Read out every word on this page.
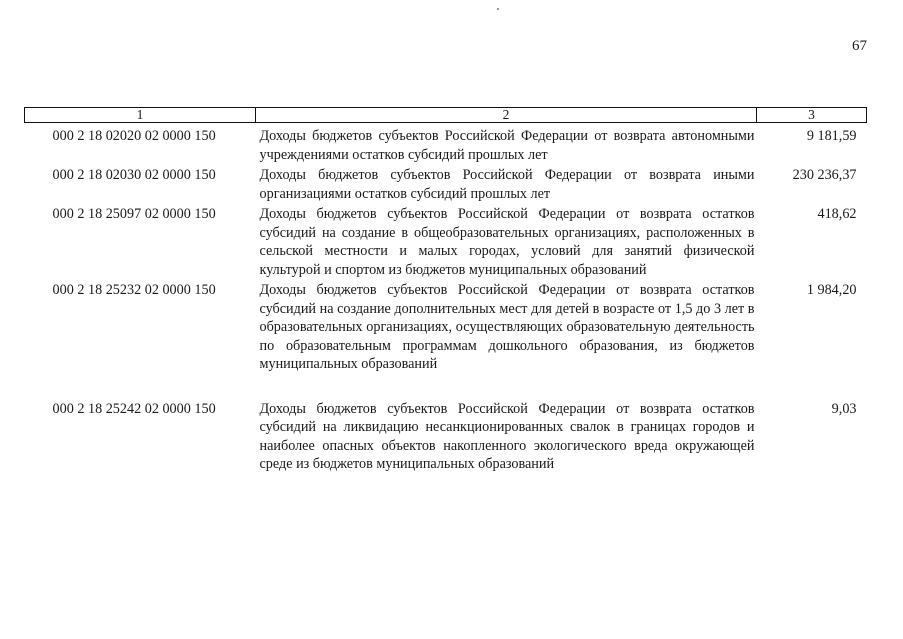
67
1	2	3
000 2 18 02020 02 0000 150	Доходы бюджетов субъектов Российской Федерации от возврата автономными учреждениями остатков субсидий прошлых лет	9 181,59
000 2 18 02030 02 0000 150	Доходы бюджетов субъектов Российской Федерации от возврата иными организациями остатков субсидий прошлых лет	230 236,37
000 2 18 25097 02 0000 150	Доходы бюджетов субъектов Российской Федерации от возврата остатков субсидий на создание в общеобразовательных организациях, расположенных в сельской местности и малых городах, условий для занятий физической культурой и спортом из бюджетов муниципальных образований	418,62
000 2 18 25232 02 0000 150	Доходы бюджетов субъектов Российской Федерации от возврата остатков субсидий на создание дополнительных мест для детей в возрасте от 1,5 до 3 лет в образовательных организациях, осуществляющих образовательную деятельность по образовательным программам дошкольного образования, из бюджетов муниципальных образований	1 984,20
000 2 18 25242 02 0000 150	Доходы бюджетов субъектов Российской Федерации от возврата остатков субсидий на ликвидацию несанкционированных свалок в границах городов и наиболее опасных объектов накопленного экологического вреда окружающей среде из бюджетов муниципальных образований	9,03
